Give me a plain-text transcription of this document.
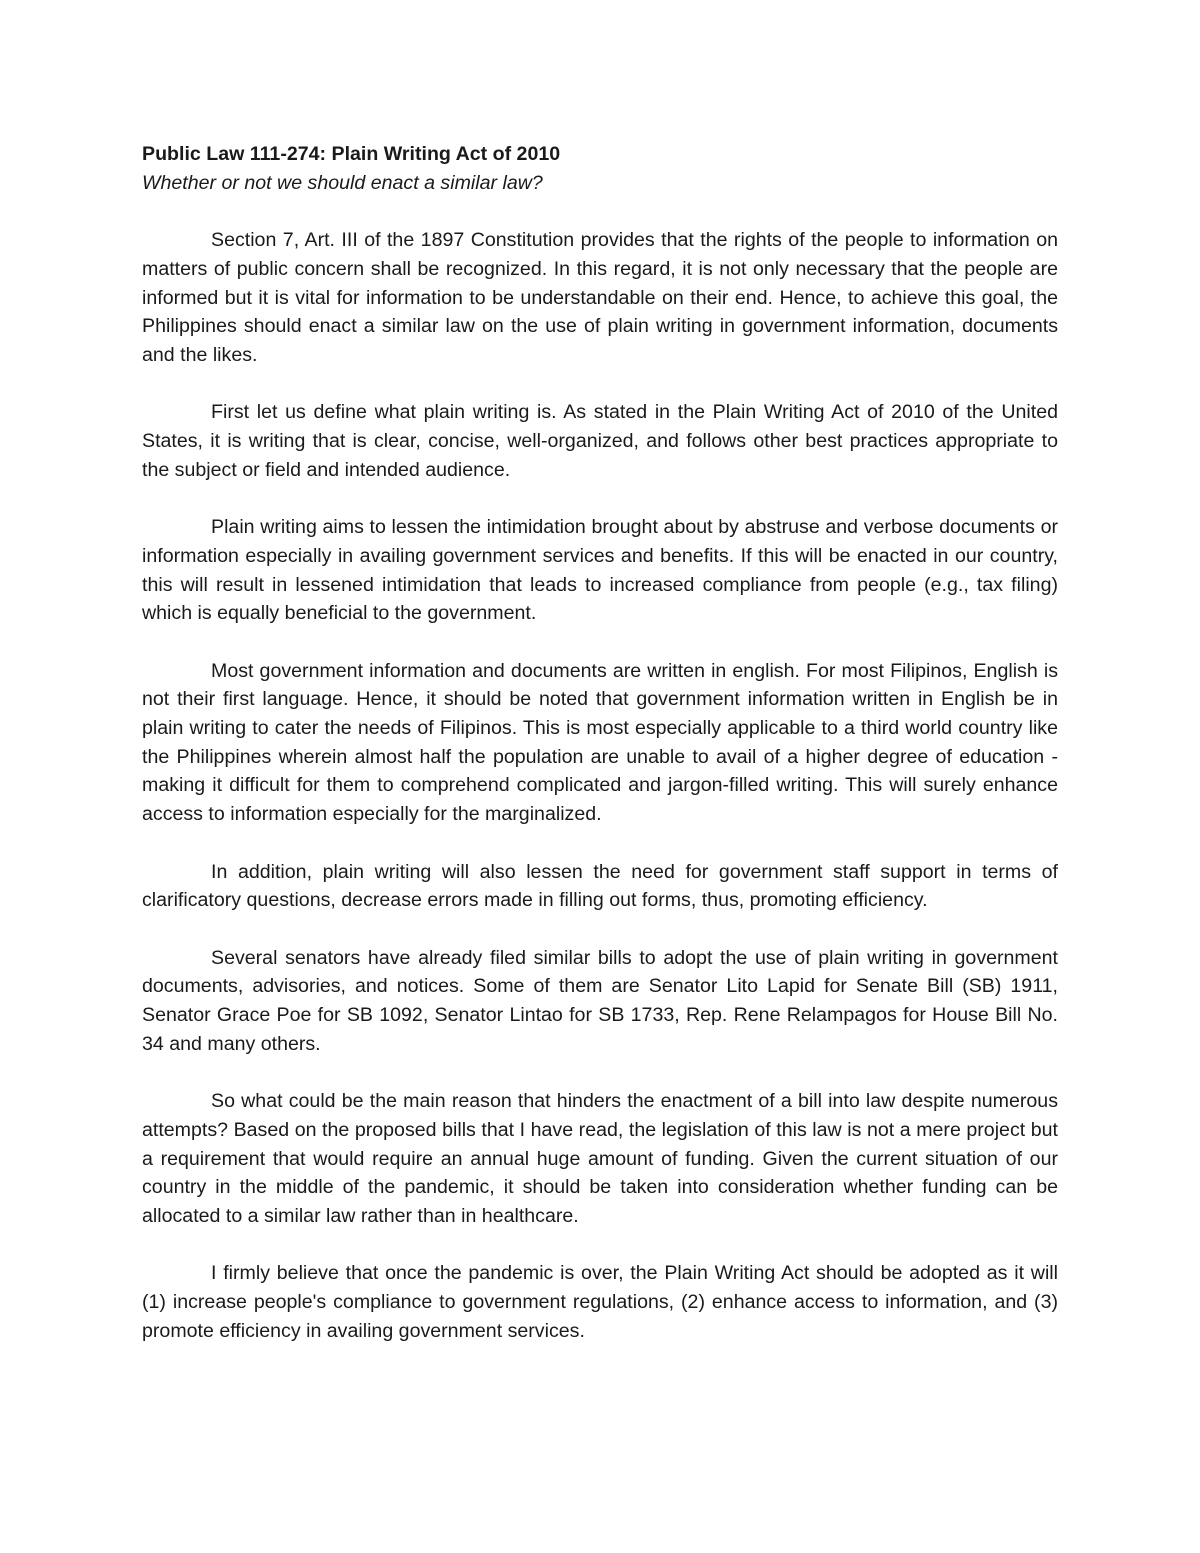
Public Law 111-274: Plain Writing Act of 2010

Whether or not we should enact a similar law?

Section 7, Art. III of the 1897 Constitution provides that the rights of the people to information on matters of public concern shall be recognized. In this regard, it is not only necessary that the people are informed but it is vital for information to be understandable on their end. Hence, to achieve this goal, the Philippines should enact a similar law on the use of plain writing in government information, documents and the likes.

First let us define what plain writing is. As stated in the Plain Writing Act of 2010 of the United States, it is writing that is clear, concise, well-organized, and follows other best practices appropriate to the subject or field and intended audience.

Plain writing aims to lessen the intimidation brought about by abstruse and verbose documents or information especially in availing government services and benefits. If this will be enacted in our country, this will result in lessened intimidation that leads to increased compliance from people (e.g., tax filing) which is equally beneficial to the government.

Most government information and documents are written in english. For most Filipinos, English is not their first language. Hence, it should be noted that government information written in English be in plain writing to cater the needs of Filipinos. This is most especially applicable to a third world country like the Philippines wherein almost half the population are unable to avail of a higher degree of education - making it difficult for them to comprehend complicated and jargon-filled writing. This will surely enhance access to information especially for the marginalized.

In addition, plain writing will also lessen the need for government staff support in terms of clarificatory questions, decrease errors made in filling out forms, thus, promoting efficiency.

Several senators have already filed similar bills to adopt the use of plain writing in government documents, advisories, and notices. Some of them are Senator Lito Lapid for Senate Bill (SB) 1911, Senator Grace Poe for SB 1092, Senator Lintao for SB 1733, Rep. Rene Relampagos for House Bill No. 34 and many others.

So what could be the main reason that hinders the enactment of a bill into law despite numerous attempts? Based on the proposed bills that I have read, the legislation of this law is not a mere project but a requirement that would require an annual huge amount of funding. Given the current situation of our country in the middle of the pandemic, it should be taken into consideration whether funding can be allocated to a similar law rather than in healthcare.

I firmly believe that once the pandemic is over, the Plain Writing Act should be adopted as it will (1) increase people's compliance to government regulations, (2) enhance access to information, and (3) promote efficiency in availing government services.
